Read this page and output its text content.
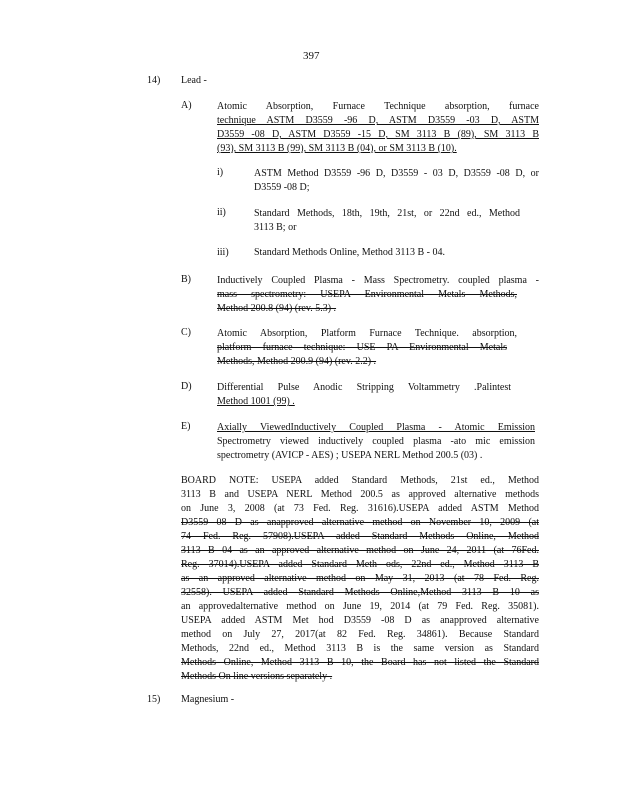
397
14) Lead -
A)	Atomic Absorption, Furnace Technique absorption, furnace
technique ASTM D3559 -96 D, ASTM D3559 -03 D, ASTM
D3559 -08 D, ASTM D3559 -15 D, SM 3113 B (89), SM 3113 B
(93), SM 3113 B (99), SM 3113 B (04), or SM 3113 B (10).
i)	ASTM Method D3559 -96 D, D3559 - 03 D, D3559 -08 D, or
D3559 -08 D;
ii)	Standard Methods, 18th, 19th, 21st, or 22nd ed., Method
3113 B; or
iii)	Standard Methods Online, Method 3113 B - 04.
B)	Inductively Coupled Plasma - Mass Spectrometry. coupled plasma -
mass spectrometry: USEPA Environmental Metals Methods,
Method 200.8 (94) (rev. 5.3) .
C)	Atomic Absorption, Platform Furnace Technique. absorption,
platform furnace technique: USE PA Environmental Metals
Methods, Method 200.9 (94) (rev. 2.2) .
D)	Differential Pulse Anodic Stripping Voltammetry .Palintest
Method 1001 (99) .
E)	Axially ViewedInductively Coupled Plasma - Atomic Emission
Spectrometry viewed inductively coupled plasma -ato mic emission
spectrometry (AVICP - AES) ; USEPA NERL Method 200.5 (03) .
BOARD NOTE: USEPA added Standard Methods, 21st ed., Method
3113 B and USEPA NERL Method 200.5 as approved alternative methods
on June 3, 2008 (at 73 Fed. Reg. 31616).USEPA added ASTM Method
D3559 08 D as anapproved alternative method on November 10, 2009 (at
74 Fed. Reg. 57908).USEPA added Standard Methods Online, Method
3113 B 04 as an approved alternative method on June 24, 2011 (at 76Fed.
Reg. 37014).USEPA added Standard Meth ods, 22nd ed., Method 3113 B
as an approved alternative method on May 31, 2013 (at 78 Fed. Reg.
32558). USEPA added Standard Methods Online,Method 3113 B 10 as
an approvedalternative method on June 19, 2014 (at 79 Fed. Reg. 35081).
USEPA added ASTM Met hod D3559 -08 D as anapproved alternative
method on July 27, 2017(at 82 Fed. Reg. 34861). Because Standard
Methods, 22nd ed., Method 3113 B is the same version as Standard
Methods Online, Method 3113 B 10, the Board has not listed the Standard
Methods On line versions separately .
15) Magnesium -
